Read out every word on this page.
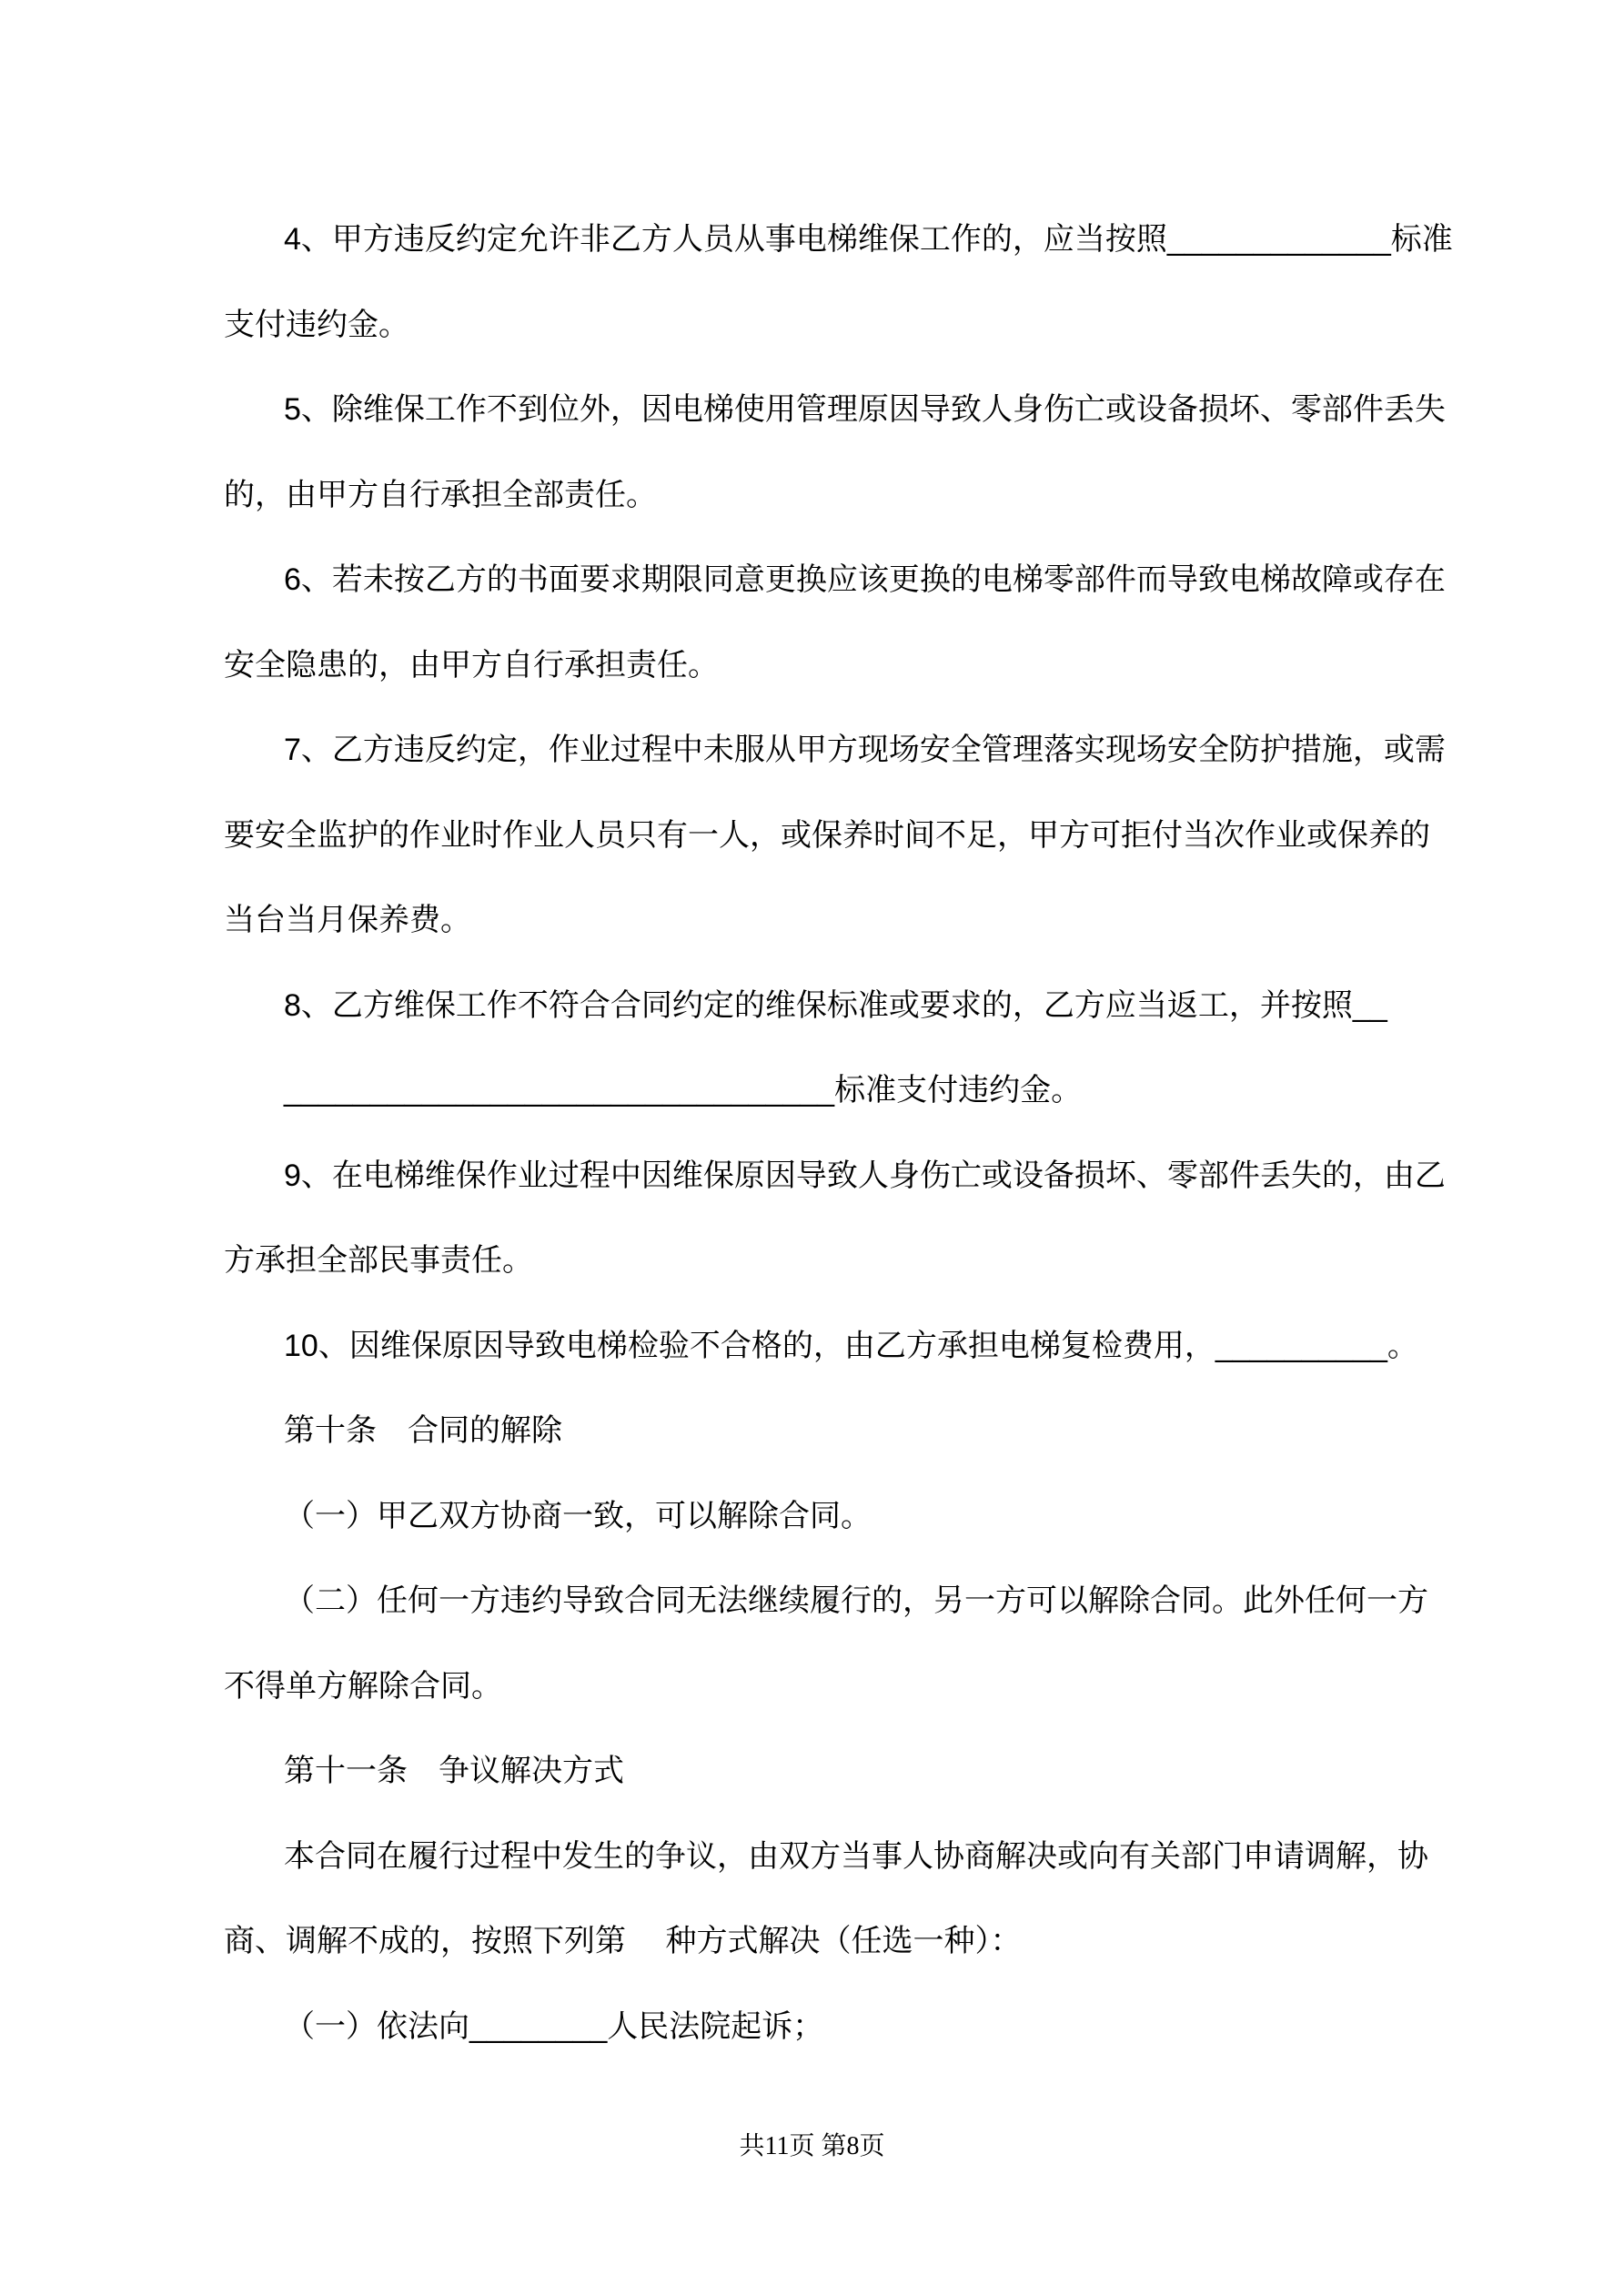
4、甲方违反约定允许非乙方人员从事电梯维保工作的，应当按照_____________标准
支付违约金。
5、除维保工作不到位外，因电梯使用管理原因导致人身伤亡或设备损坏、零部件丢失
的，由甲方自行承担全部责任。
6、若未按乙方的书面要求期限同意更换应该更换的电梯零部件而导致电梯故障或存在
安全隐患的，由甲方自行承担责任。
7、乙方违反约定，作业过程中未服从甲方现场安全管理落实现场安全防护措施，或需
要安全监护的作业时作业人员只有一人，或保养时间不足，甲方可拒付当次作业或保养的
当台当月保养费。
8、乙方维保工作不符合合同约定的维保标准或要求的，乙方应当返工，并按照__
________________________________标准支付违约金。
9、在电梯维保作业过程中因维保原因导致人身伤亡或设备损坏、零部件丢失的，由乙
方承担全部民事责任。
10、因维保原因导致电梯检验不合格的，由乙方承担电梯复检费用，__________。
第十条　合同的解除
（一）甲乙双方协商一致，可以解除合同。
（二）任何一方违约导致合同无法继续履行的，另一方可以解除合同。此外任何一方
不得单方解除合同。
第十一条　争议解决方式
本合同在履行过程中发生的争议，由双方当事人协商解决或向有关部门申请调解，协
商、调解不成的，按照下列第　 种方式解决（任选一种）：
（一）依法向________人民法院起诉；
共11页 第8页
